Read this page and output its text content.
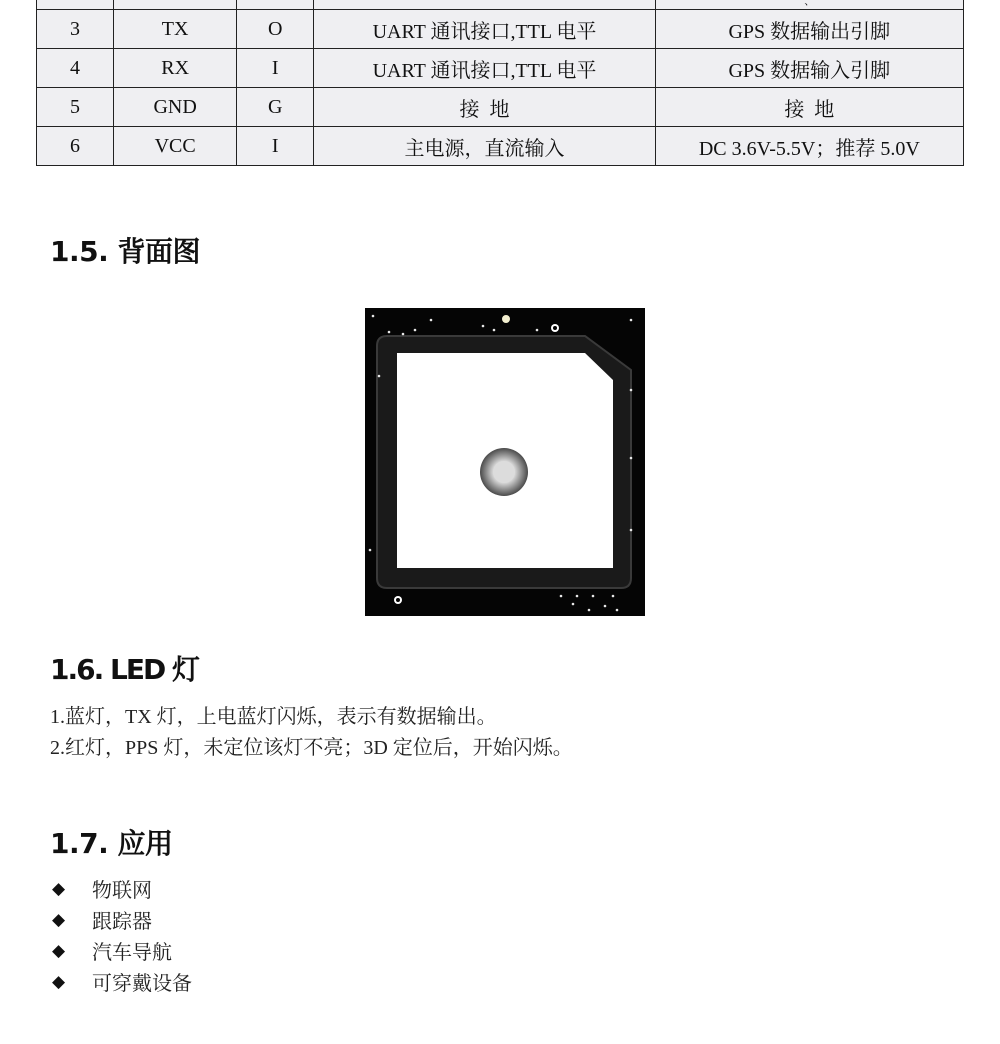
				、
3	TX	O	UART 通讯接口,TTL 电平	GPS 数据输出引脚
4	RX	I	UART 通讯接口,TTL 电平	GPS 数据输入引脚
5	GND	G	接  地	接  地
6	VCC	I	主电源，直流输入	DC 3.6V-5.5V；推荐 5.0V
1.5. 背面图
1.6. LED 灯

1.蓝灯，TX 灯，上电蓝灯闪烁，表示有数据输出。

2.红灯，PPS 灯，未定位该灯不亮；3D 定位后，开始闪烁。

1.7. 应用
◆ 物联网
◆ 跟踪器
◆ 汽车导航
◆ 可穿戴设备
